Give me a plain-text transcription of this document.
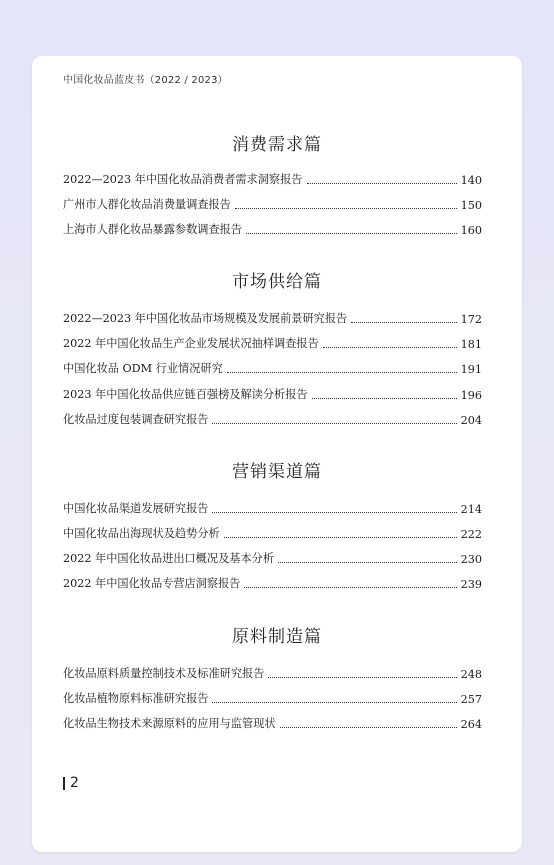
中国化妆品蓝皮书（2022 / 2023）
消费需求篇
2022—2023 年中国化妆品消费者需求洞察报告	140
广州市人群化妆品消费量调查报告	150
上海市人群化妆品暴露参数调查报告	160
市场供给篇
2022—2023 年中国化妆品市场规模及发展前景研究报告	172
2022 年中国化妆品生产企业发展状况抽样调查报告	181
中国化妆品 ODM 行业情况研究	191
2023 年中国化妆品供应链百强榜及解读分析报告	196
化妆品过度包装调查研究报告	204
营销渠道篇
中国化妆品渠道发展研究报告	214
中国化妆品出海现状及趋势分析	222
2022 年中国化妆品进出口概况及基本分析	230
2022 年中国化妆品专营店洞察报告	239
原料制造篇
化妆品原料质量控制技术及标准研究报告	248
化妆品植物原料标准研究报告	257
化妆品生物技术来源原料的应用与监管现状	264
2
